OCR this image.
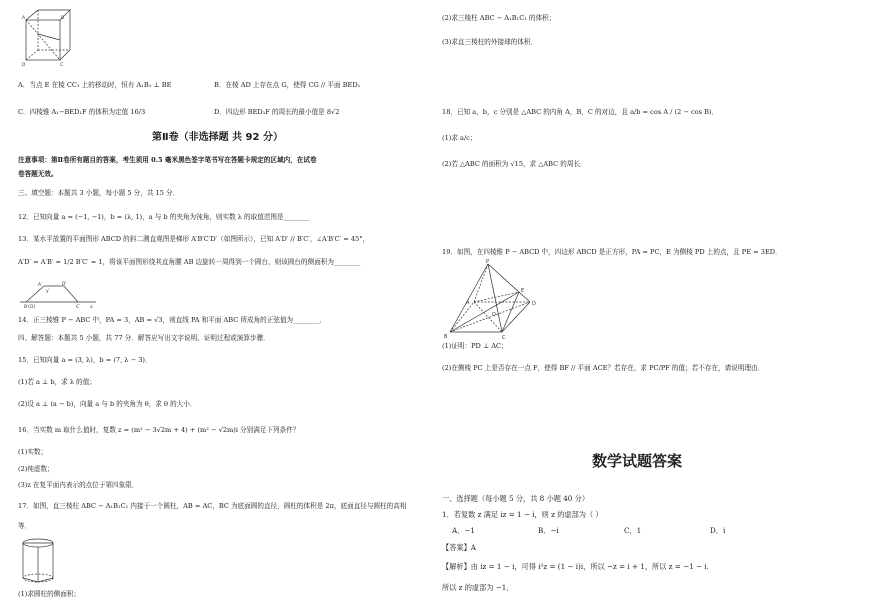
A	B
D	C
A．当点 E 在棱 CC₁ 上的移动时，恒有 A₁B₁ ⊥ BE	B．在棱 AD 上存在点 G，使得 CG // 平面 BED₁
C．四棱锥 A₁−BED₁F 的体积为定值 16/3	D．四边形 BED₁F 的周长的最小值是 8√2
第Ⅱ卷（非选择题 共 92 分）
注意事项：第Ⅱ卷所有题目的答案，考生须用 0.5 毫米黑色签字笔书写在答题卡规定的区域内，在试卷
卷答题无效。
三、填空题：本题共 3 小题，每小题 5 分，共 15 分．
12．已知向量 a = (−1, −1)，b = (λ, 1)，a 与 b 的夹角为钝角，则实数 λ 的取值范围是________
13．某水平放置的平面图形 ABCD 的斜二测直观图是梯形 A′B′C′D′（如图所示），已知 A′D′ // B′C′，∠A′B′C′ = 45°，
A′D′ = A′B′ = 1/2 B′C′ = 1，将该平面图形绕其直角腰 AB 边旋转一周得到一个圆台，则该圆台的侧面积为________
B′(O)
A′	D′
C′ x′
y′
14．正三棱锥 P − ABC 中，PA = 3，AB = √3，则直线 PA 和平面 ABC 所成角的正弦值为________．
四、解答题：本题共 5 小题，共 77 分．解答应写出文字说明、证明过程或演算步骤．
15．已知向量 a = (3, λ)，b = (7, λ − 3)．
(1)若 a ⊥ b，求 λ 的值；
(2)设 a ⊥ (a − b)，向量 a 与 b 的夹角为 θ，求 θ 的大小．
16．当实数 m 取什么值时，复数 z = (m² − 3√2m + 4) + (m² − √2m)i 分别满足下列条件？
(1)实数；
(2)纯虚数；
(3)z 在复平面内表示的点位于第四象限．
17．如图，直三棱柱 ABC − A₁B₁C₁ 内接于一个圆柱，AB = AC，BC 为底面圆的直径，圆柱的体积是 2π，底面直径与圆柱的高相
等．
(1)求圆柱的侧面积；
(2)求三棱柱 ABC − A₁B₁C₁ 的体积；
(3)求直三棱柱的外接球的体积．
18．已知 a，b，c 分别是 △ABC 的内角 A，B，C 的对边，且 a/b = cos A / (2 − cos B)．
(1)求 a/c；
(2)若 △ABC 的面积为 √15，求 △ABC 的周长．
19．如图，在四棱锥 P − ABCD 中，四边形 ABCD 是正方形，PA = PC，E 为侧棱 PD 上的点，且 PE = 3ED．
P
A
B	C
D
E
O
(1)证明：PD ⊥ AC；
(2)在侧棱 PC 上是否存在一点 F，使得 BF // 平面 ACE？若存在，求 PC/PF 的值；若不存在，请说明理由．
数学试题答案
一、选择题（每小题 5 分，共 8 小题 40 分）
1．若复数 z 满足 iz = 1 − i，则 z 的虚部为（ ）
A．−1	B．−i	C．1	D．i
【答案】A
【解析】由 iz = 1 − i，可得 i²z = (1 − i)i，所以 −z = i + 1，所以 z = −1 − i．
所以 z 的虚部为 −1．
